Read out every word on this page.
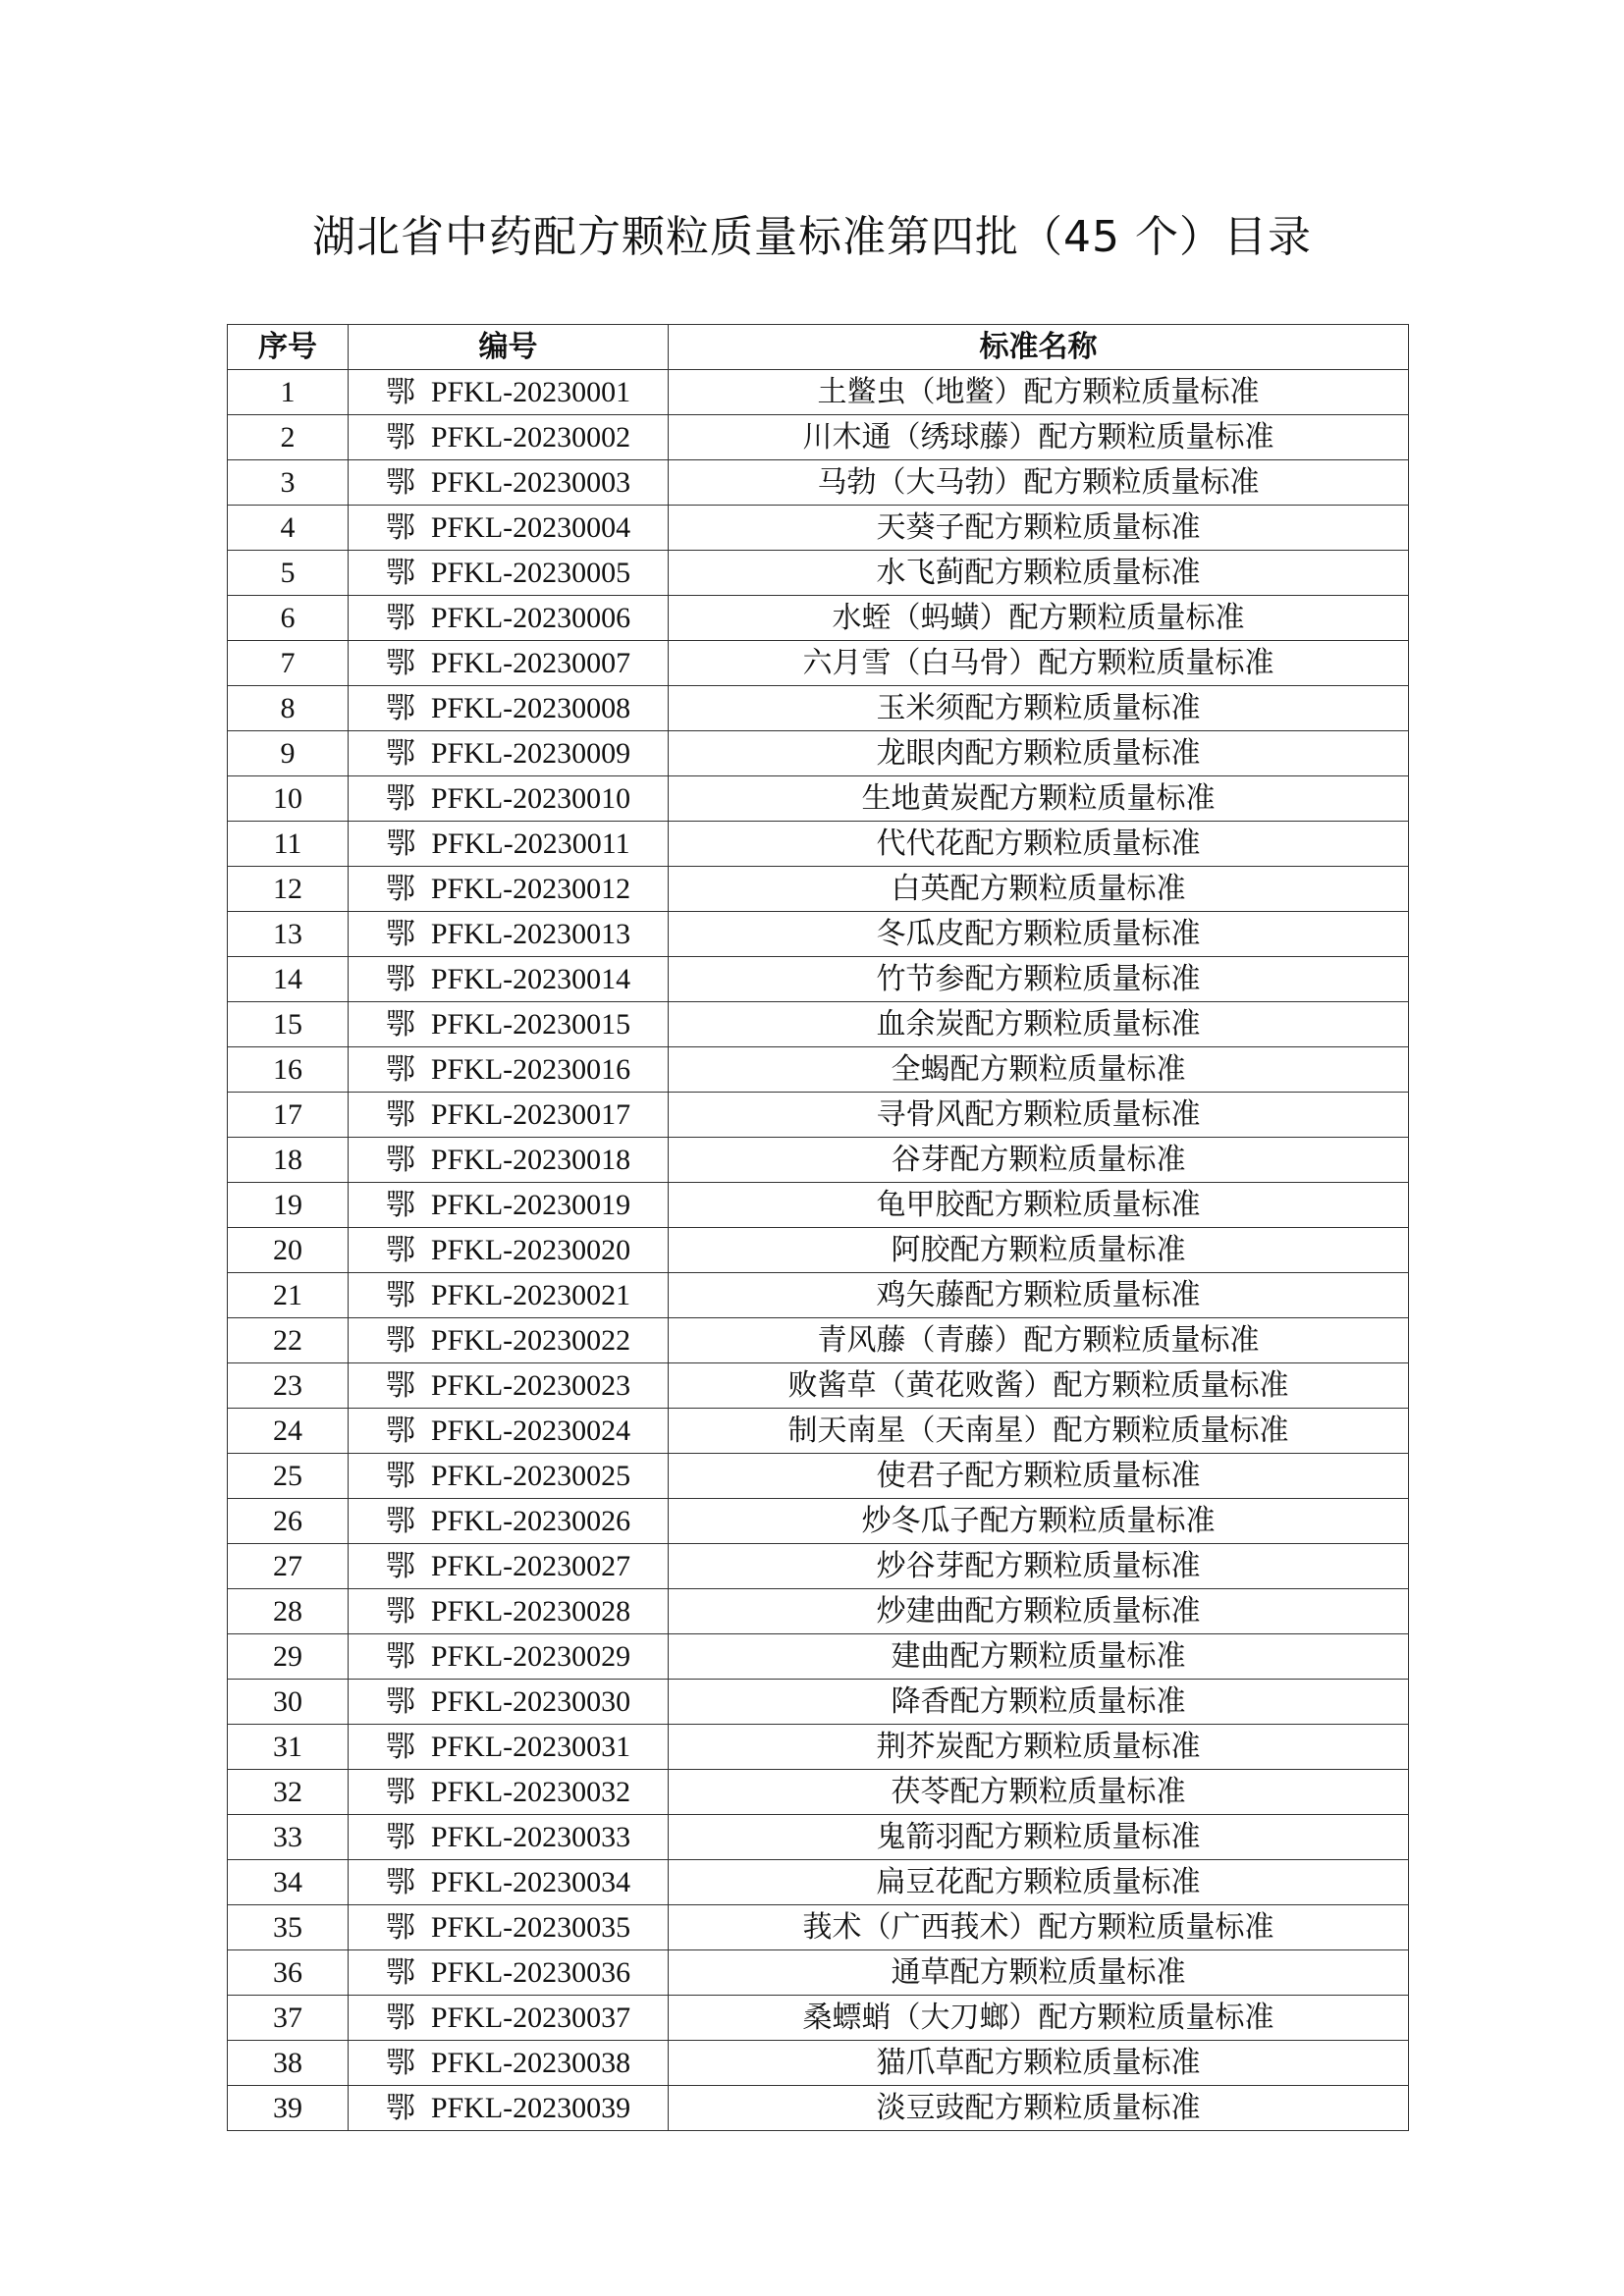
湖北省中药配方颗粒质量标准第四批（45 个）目录
序号	编号	标准名称
1	鄂 PFKL-20230001	土鳖虫（地鳖）配方颗粒质量标准
2	鄂 PFKL-20230002	川木通（绣球藤）配方颗粒质量标准
3	鄂 PFKL-20230003	马勃（大马勃）配方颗粒质量标准
4	鄂 PFKL-20230004	天葵子配方颗粒质量标准
5	鄂 PFKL-20230005	水飞蓟配方颗粒质量标准
6	鄂 PFKL-20230006	水蛭（蚂蟥）配方颗粒质量标准
7	鄂 PFKL-20230007	六月雪（白马骨）配方颗粒质量标准
8	鄂 PFKL-20230008	玉米须配方颗粒质量标准
9	鄂 PFKL-20230009	龙眼肉配方颗粒质量标准
10	鄂 PFKL-20230010	生地黄炭配方颗粒质量标准
11	鄂 PFKL-20230011	代代花配方颗粒质量标准
12	鄂 PFKL-20230012	白英配方颗粒质量标准
13	鄂 PFKL-20230013	冬瓜皮配方颗粒质量标准
14	鄂 PFKL-20230014	竹节参配方颗粒质量标准
15	鄂 PFKL-20230015	血余炭配方颗粒质量标准
16	鄂 PFKL-20230016	全蝎配方颗粒质量标准
17	鄂 PFKL-20230017	寻骨风配方颗粒质量标准
18	鄂 PFKL-20230018	谷芽配方颗粒质量标准
19	鄂 PFKL-20230019	龟甲胶配方颗粒质量标准
20	鄂 PFKL-20230020	阿胶配方颗粒质量标准
21	鄂 PFKL-20230021	鸡矢藤配方颗粒质量标准
22	鄂 PFKL-20230022	青风藤（青藤）配方颗粒质量标准
23	鄂 PFKL-20230023	败酱草（黄花败酱）配方颗粒质量标准
24	鄂 PFKL-20230024	制天南星（天南星）配方颗粒质量标准
25	鄂 PFKL-20230025	使君子配方颗粒质量标准
26	鄂 PFKL-20230026	炒冬瓜子配方颗粒质量标准
27	鄂 PFKL-20230027	炒谷芽配方颗粒质量标准
28	鄂 PFKL-20230028	炒建曲配方颗粒质量标准
29	鄂 PFKL-20230029	建曲配方颗粒质量标准
30	鄂 PFKL-20230030	降香配方颗粒质量标准
31	鄂 PFKL-20230031	荆芥炭配方颗粒质量标准
32	鄂 PFKL-20230032	茯苓配方颗粒质量标准
33	鄂 PFKL-20230033	鬼箭羽配方颗粒质量标准
34	鄂 PFKL-20230034	扁豆花配方颗粒质量标准
35	鄂 PFKL-20230035	莪术（广西莪术）配方颗粒质量标准
36	鄂 PFKL-20230036	通草配方颗粒质量标准
37	鄂 PFKL-20230037	桑螵蛸（大刀螂）配方颗粒质量标准
38	鄂 PFKL-20230038	猫爪草配方颗粒质量标准
39	鄂 PFKL-20230039	淡豆豉配方颗粒质量标准
